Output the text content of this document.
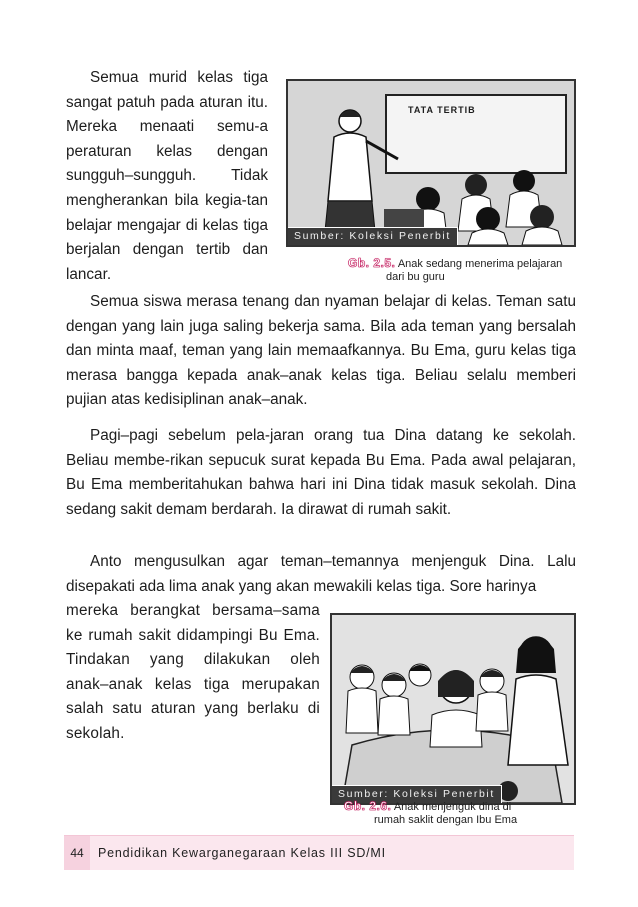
Semua murid kelas tiga sangat patuh pada aturan itu. Mereka menaati semu-a peraturan kelas dengan sungguh–sungguh. Tidak mengherankan bila kegia-tan belajar mengajar di kelas tiga berjalan dengan tertib dan lancar.

TATA TERTIB
Sumber: Koleksi Penerbit
Gb. 2.5. Anak sedang menerima pelajaran
dari bu guru

Semua siswa merasa tenang dan nyaman belajar di kelas. Teman satu dengan yang lain juga saling bekerja sama. Bila ada teman yang bersalah dan minta maaf, teman yang lain memaafkannya. Bu Ema, guru kelas tiga merasa bangga kepada anak–anak kelas tiga. Beliau selalu memberi pujian atas kedisiplinan anak–anak.

Pagi–pagi sebelum pela-jaran orang tua Dina datang ke sekolah. Beliau membe-rikan sepucuk surat kepada Bu Ema. Pada awal pelajaran, Bu Ema memberitahukan bahwa hari ini Dina tidak masuk sekolah. Dina sedang sakit demam berdarah. Ia dirawat di rumah sakit.

Anto mengusulkan agar teman–temannya menjenguk Dina. Lalu disepakati ada lima anak yang akan mewakili kelas tiga. Sore harinya

mereka berangkat bersama–sama ke rumah sakit didampingi Bu Ema. Tindakan yang dilakukan oleh anak–anak kelas tiga merupakan salah satu aturan yang berlaku di sekolah.

Sumber: Koleksi Penerbit
Gb. 2.6. Anak menjenguk dina di
rumah saklit dengan Ibu Ema
44	Pendidikan Kewarganegaraan Kelas III SD/MI
